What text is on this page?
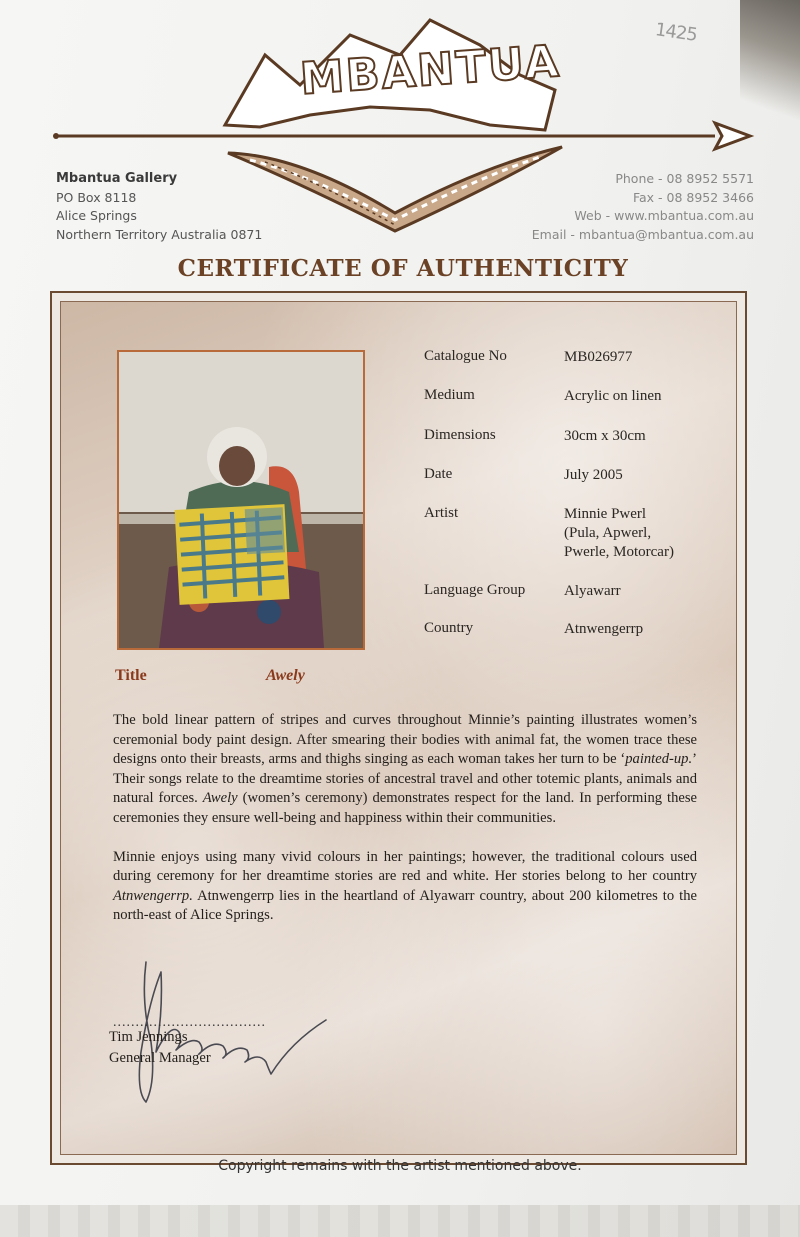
1425
MBANTUA
Mbantua Gallery
PO Box 8118
Alice Springs
Northern Territory Australia 0871
Phone - 08 8952 5571
Fax - 08 8952 3466
Web - www.mbantua.com.au
Email - mbantua@mbantua.com.au
CERTIFICATE OF AUTHENTICITY
Catalogue No	MB026977
Medium	Acrylic on linen
Dimensions	30cm x 30cm
Date	July 2005
Artist	Minnie Pwerl
(Pula, Apwerl,
Pwerle, Motorcar)
Language Group	Alyawarr
Country	Atnwengerrp
Title	Awely

The bold linear pattern of stripes and curves throughout Minnie’s painting illustrates women’s ceremonial body paint design. After smearing their bodies with animal fat, the women trace these designs onto their breasts, arms and thighs singing as each woman takes her turn to be ‘painted-up.’ Their songs relate to the dreamtime stories of ancestral travel and other totemic plants, animals and natural forces. Awely (women’s ceremony) demonstrates respect for the land. In performing these ceremonies they ensure well-being and happiness within their communities.

Minnie enjoys using many vivid colours in her paintings; however, the traditional colours used during ceremony for her dreamtime stories are red and white. Her stories belong to her country Atnwengerrp. Atnwengerrp lies in the heartland of Alyawarr country, about 200 kilometres to the north-east of Alice Springs.

..................................
Tim Jennings
General Manager
Copyright remains with the artist mentioned above.
